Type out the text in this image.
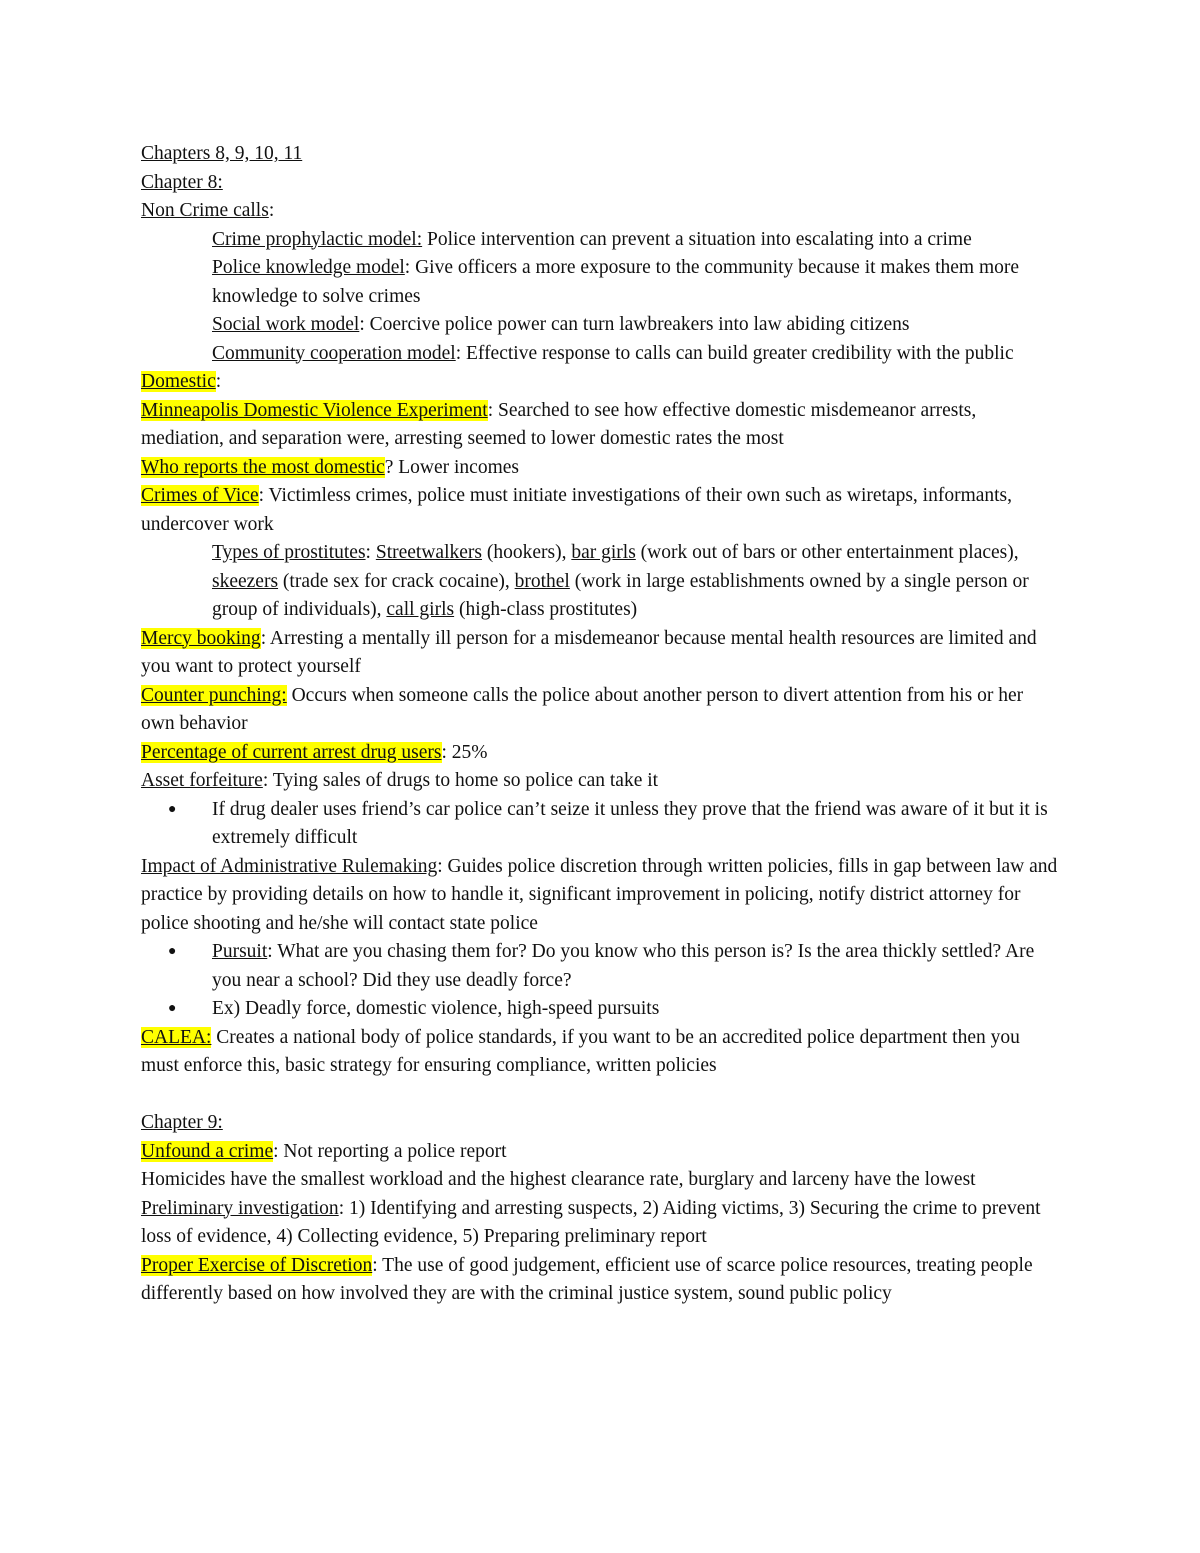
Chapters 8, 9, 10, 11

Chapter 8:

Non Crime calls:

Crime prophylactic model: Police intervention can prevent a situation into escalating into a crime

Police knowledge model: Give officers a more exposure to the community because it makes them more knowledge to solve crimes

Social work model: Coercive police power can turn lawbreakers into law abiding citizens

Community cooperation model: Effective response to calls can build greater credibility with the public

Domestic:

Minneapolis Domestic Violence Experiment: Searched to see how effective domestic misdemeanor arrests, mediation, and separation were, arresting seemed to lower domestic rates the most

Who reports the most domestic? Lower incomes

Crimes of Vice: Victimless crimes, police must initiate investigations of their own such as wiretaps, informants, undercover work

Types of prostitutes: Streetwalkers (hookers), bar girls (work out of bars or other entertainment places), skeezers (trade sex for crack cocaine), brothel (work in large establishments owned by a single person or group of individuals), call girls (high-class prostitutes)

Mercy booking: Arresting a mentally ill person for a misdemeanor because mental health resources are limited and you want to protect yourself

Counter punching: Occurs when someone calls the police about another person to divert attention from his or her own behavior

Percentage of current arrest drug users: 25%

Asset forfeiture: Tying sales of drugs to home so police can take it

● If drug dealer uses friend’s car police can’t seize it unless they prove that the friend was aware of it but it is extremely difficult

Impact of Administrative Rulemaking: Guides police discretion through written policies, fills in gap between law and practice by providing details on how to handle it, significant improvement in policing, notify district attorney for police shooting and he/she will contact state police

● Pursuit: What are you chasing them for? Do you know who this person is? Is the area thickly settled? Are you near a school? Did they use deadly force?

● Ex) Deadly force, domestic violence, high-speed pursuits

CALEA: Creates a national body of police standards, if you want to be an accredited police department then you must enforce this, basic strategy for ensuring compliance, written policies

Chapter 9:

Unfound a crime: Not reporting a police report

Homicides have the smallest workload and the highest clearance rate, burglary and larceny have the lowest

Preliminary investigation: 1) Identifying and arresting suspects, 2) Aiding victims, 3) Securing the crime to prevent loss of evidence, 4) Collecting evidence, 5) Preparing preliminary report

Proper Exercise of Discretion: The use of good judgement, efficient use of scarce police resources, treating people differently based on how involved they are with the criminal justice system, sound public policy
